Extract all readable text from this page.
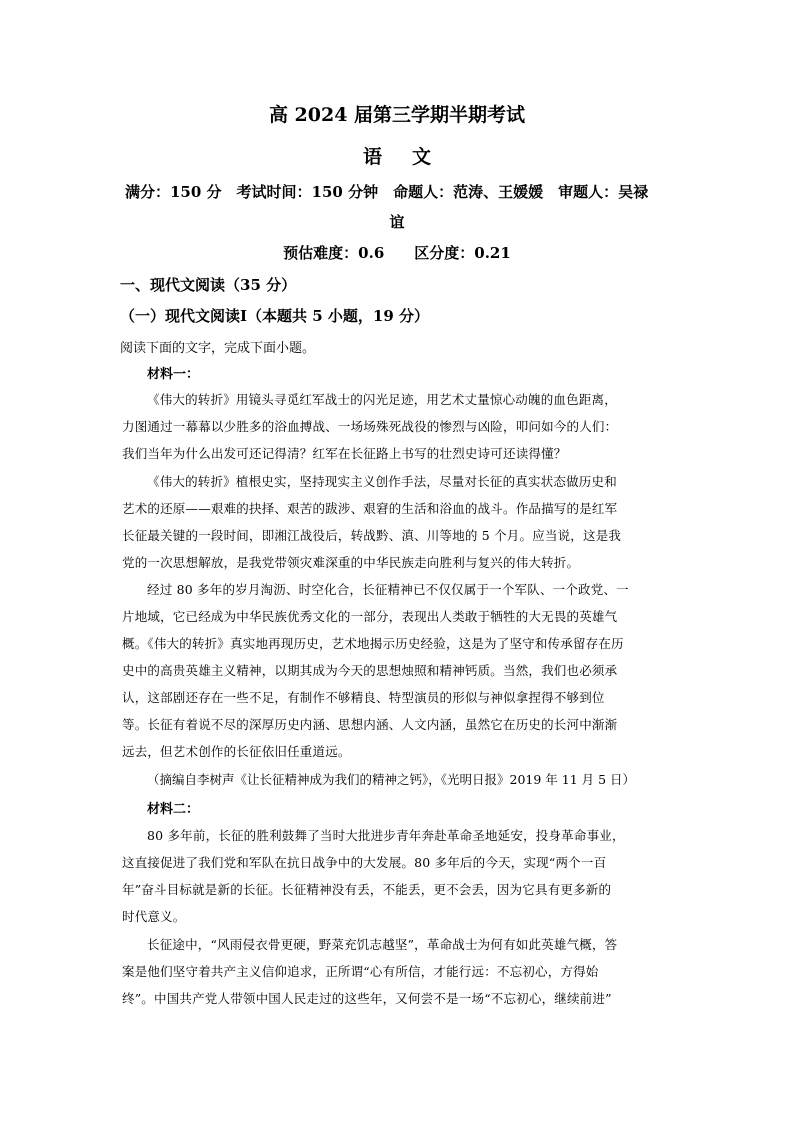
高 2024 届第三学期半期考试
语 文
满分：150 分　考试时间：150 分钟　命题人：范涛、王媛媛　审题人：吴禄
谊
预估难度：0.6　　区分度：0.21
一、现代文阅读（35 分）
（一）现代文阅读Ⅰ（本题共 5 小题，19 分）
阅读下面的文字，完成下面小题。
材料一：
《伟大的转折》用镜头寻觅红军战士的闪光足迹，用艺术丈量惊心动魄的血色距离，
力图通过一幕幕以少胜多的浴血搏战、一场场殊死战役的惨烈与凶险，叩问如今的人们：
我们当年为什么出发可还记得清？红军在长征路上书写的壮烈史诗可还读得懂？
《伟大的转折》植根史实，坚持现实主义创作手法，尽量对长征的真实状态做历史和
艺术的还原——艰难的抉择、艰苦的跋涉、艰窘的生活和浴血的战斗。作品描写的是红军
长征最关键的一段时间，即湘江战役后，转战黔、滇、川等地的 5 个月。应当说，这是我
党的一次思想解放，是我党带领灾难深重的中华民族走向胜利与复兴的伟大转折。
经过 80 多年的岁月淘沥、时空化合，长征精神已不仅仅属于一个军队、一个政党、一
片地域，它已经成为中华民族优秀文化的一部分，表现出人类敢于牺牲的大无畏的英雄气
概。《伟大的转折》真实地再现历史，艺术地揭示历史经验，这是为了坚守和传承留存在历
史中的高贵英雄主义精神，以期其成为今天的思想烛照和精神钙质。当然，我们也必须承
认，这部剧还存在一些不足，有制作不够精良、特型演员的形似与神似拿捏得不够到位
等。长征有着说不尽的深厚历史内涵、思想内涵、人文内涵，虽然它在历史的长河中渐渐
远去，但艺术创作的长征依旧任重道远。
（摘编自李树声《让长征精神成为我们的精神之钙》，《光明日报》2019 年 11 月 5 日）
材料二：
80 多年前，长征的胜利鼓舞了当时大批进步青年奔赴革命圣地延安，投身革命事业，
这直接促进了我们党和军队在抗日战争中的大发展。80 多年后的今天，实现“两个一百
年”奋斗目标就是新的长征。长征精神没有丢，不能丢，更不会丢，因为它具有更多新的
时代意义。
长征途中，“风雨侵衣骨更硬，野菜充饥志越坚”，革命战士为何有如此英雄气概，答
案是他们坚守着共产主义信仰追求，正所谓“心有所信，才能行远：不忘初心，方得始
终”。中国共产党人带领中国人民走过的这些年，又何尝不是一场“不忘初心，继续前进”
